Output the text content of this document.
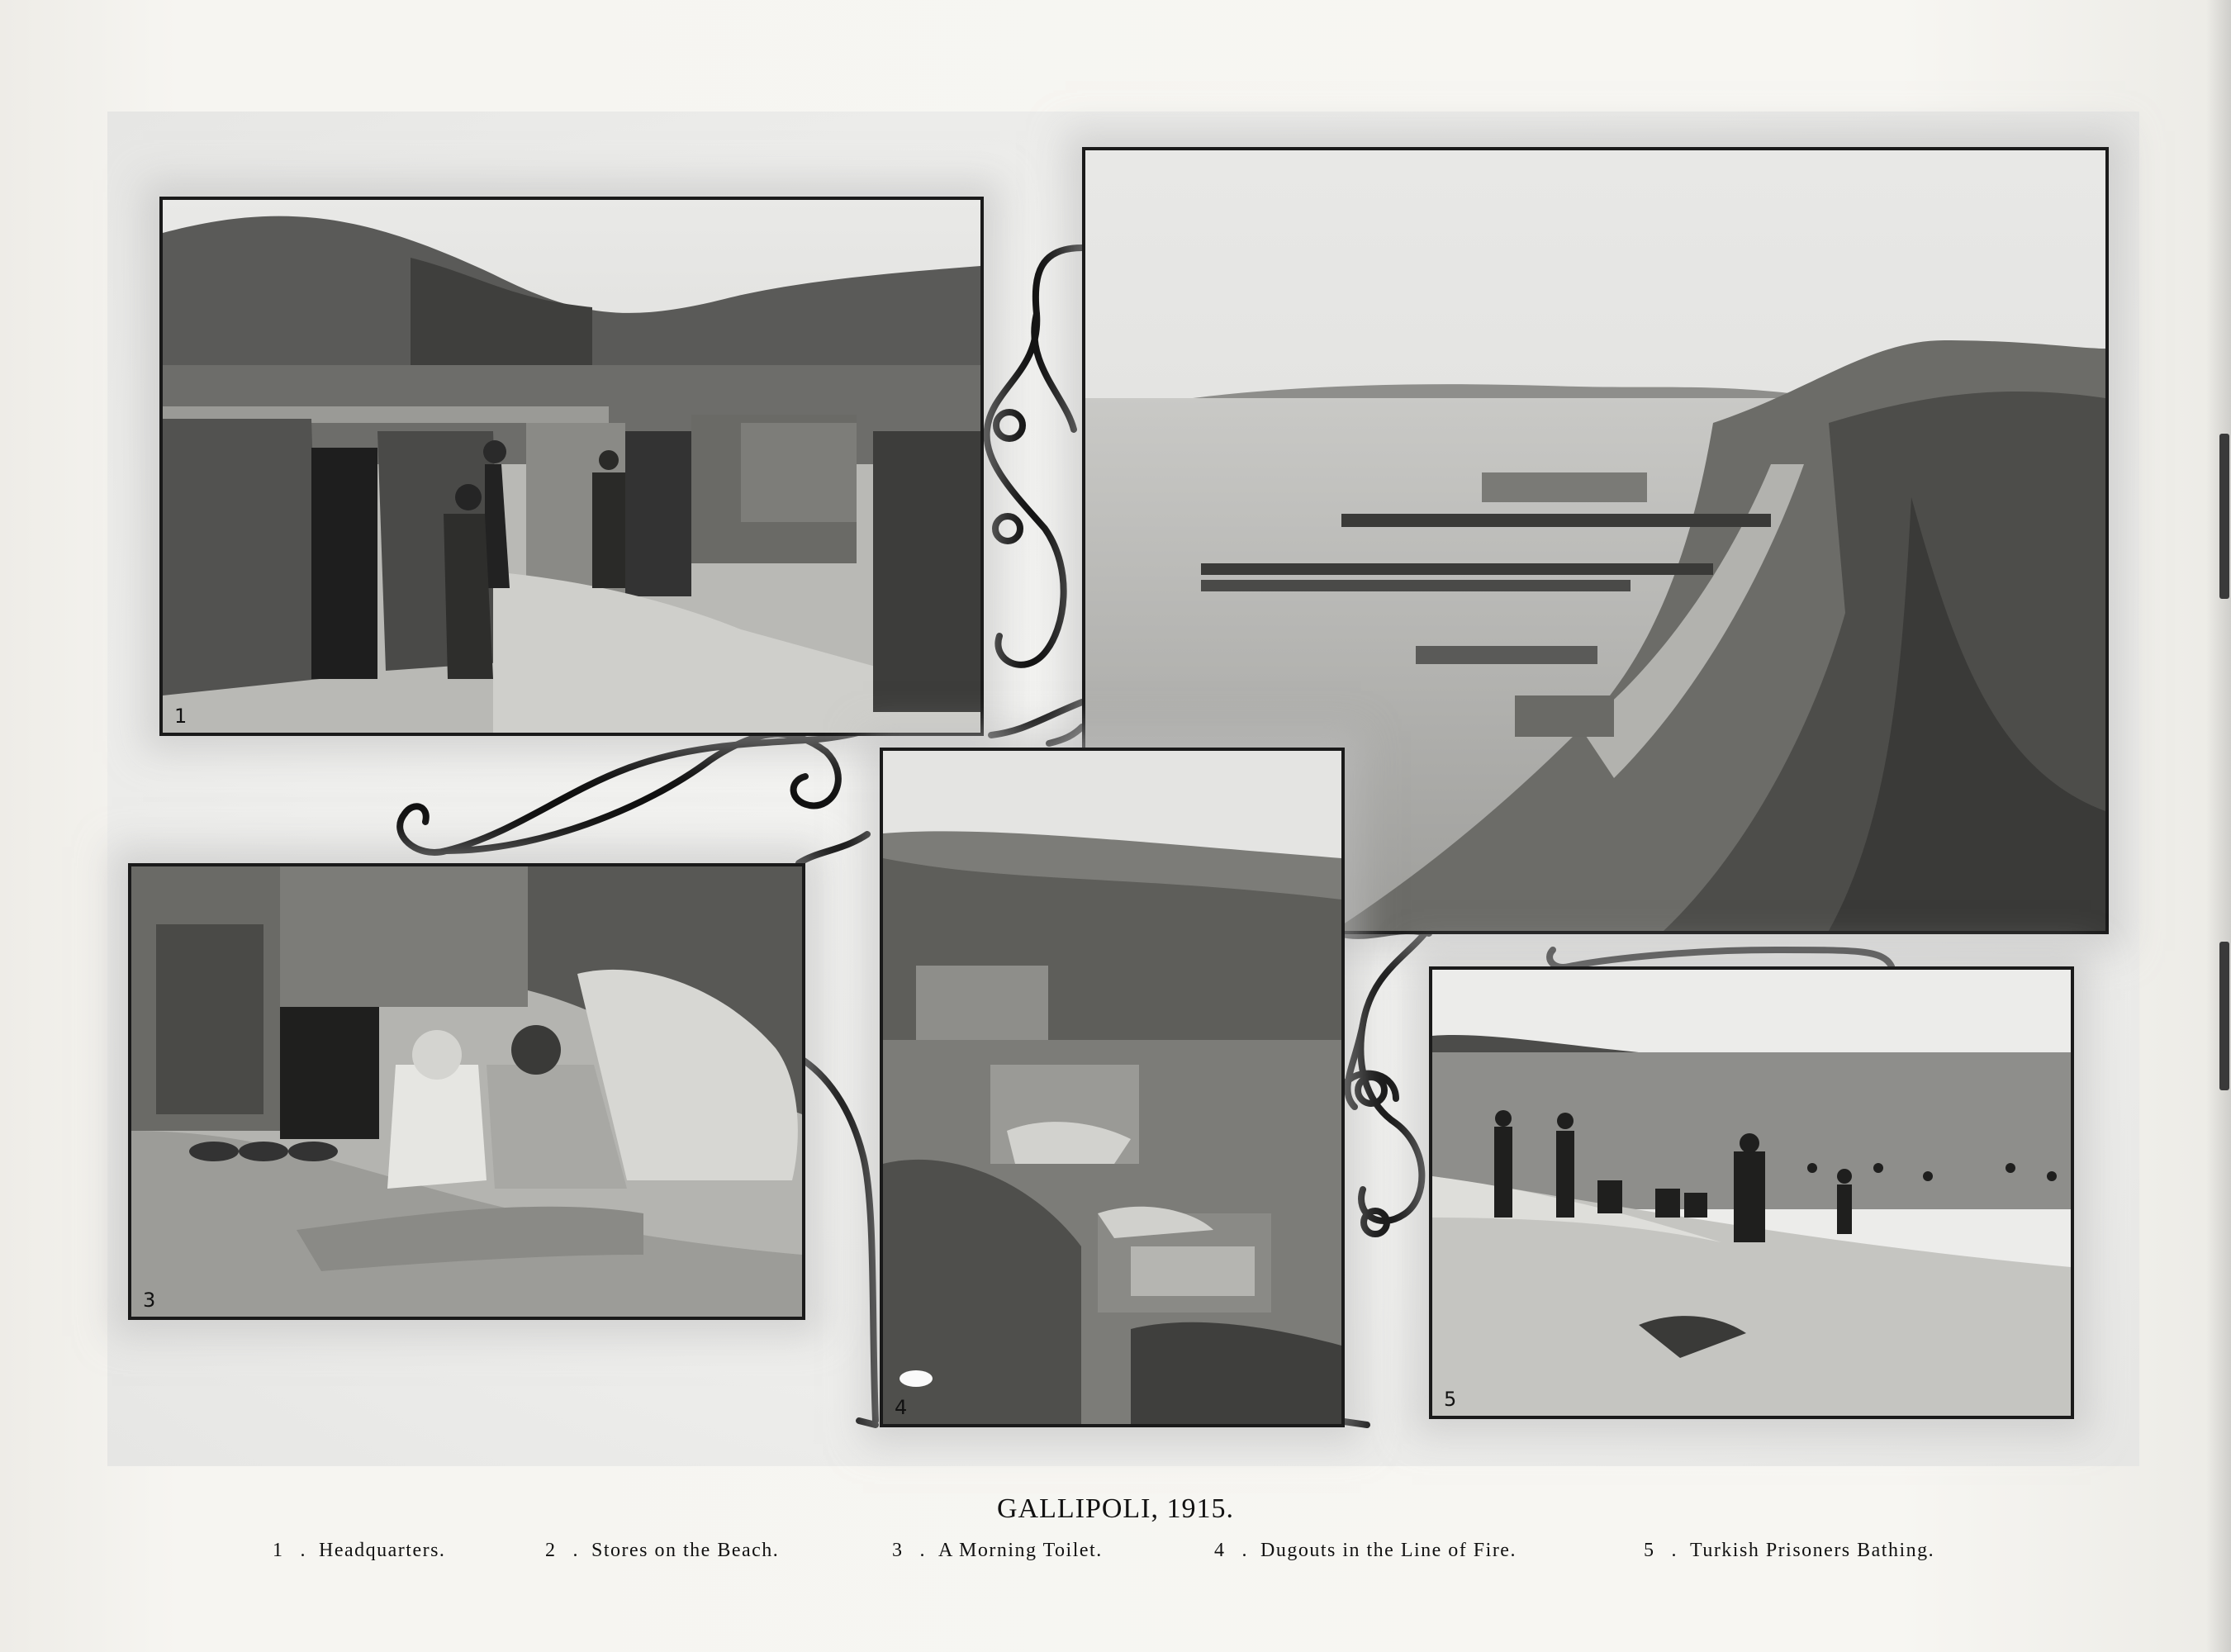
1
3
4	5
GALLIPOLI, 1915.
1 . Headquarters.	2 . Stores on the Beach.	3 . A Morning Toilet.	4 . Dugouts in the Line of Fire.	5 . Turkish Prisoners Bathing.
